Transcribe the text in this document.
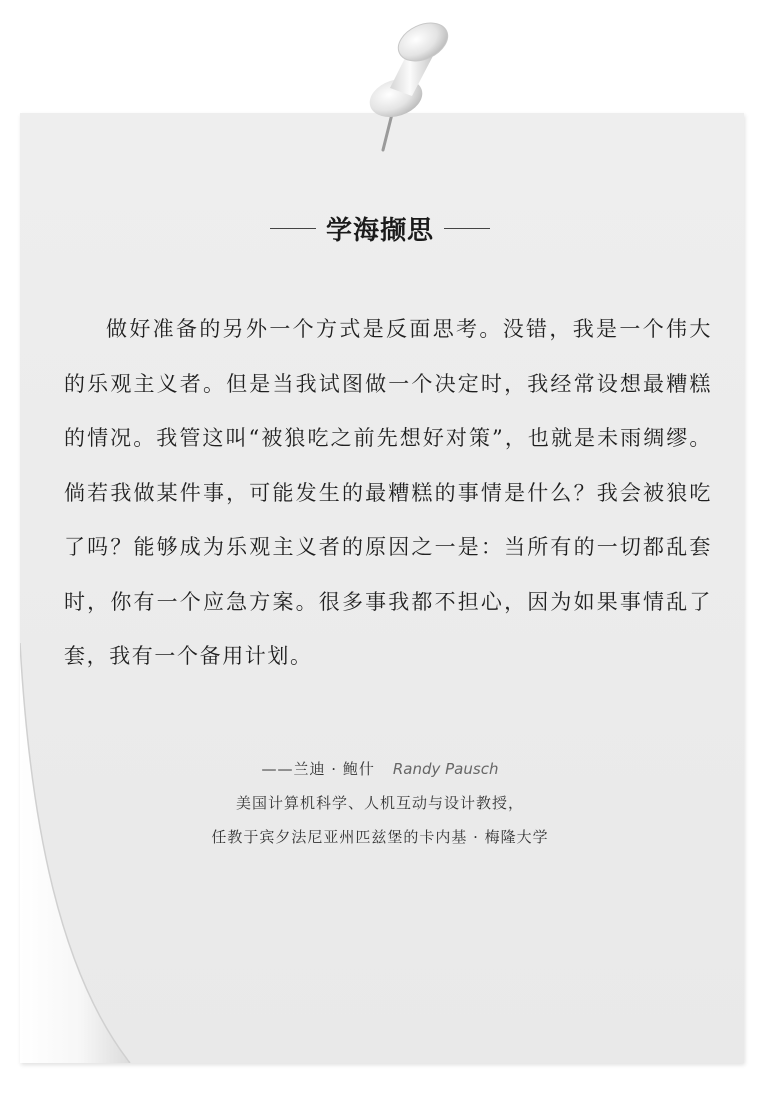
学海撷思

做好准备的另外一个方式是反面思考。没错，我是一个伟大的乐观主义者。但是当我试图做一个决定时，我经常设想最糟糕的情况。我管这叫“被狼吃之前先想好对策”，也就是未雨绸缪。倘若我做某件事，可能发生的最糟糕的事情是什么？我会被狼吃了吗？能够成为乐观主义者的原因之一是：当所有的一切都乱套时，你有一个应急方案。很多事我都不担心，因为如果事情乱了套，我有一个备用计划。

——兰迪 · 鲍什 Randy Pausch
美国计算机科学、人机互动与设计教授，
任教于宾夕法尼亚州匹兹堡的卡内基 · 梅隆大学
